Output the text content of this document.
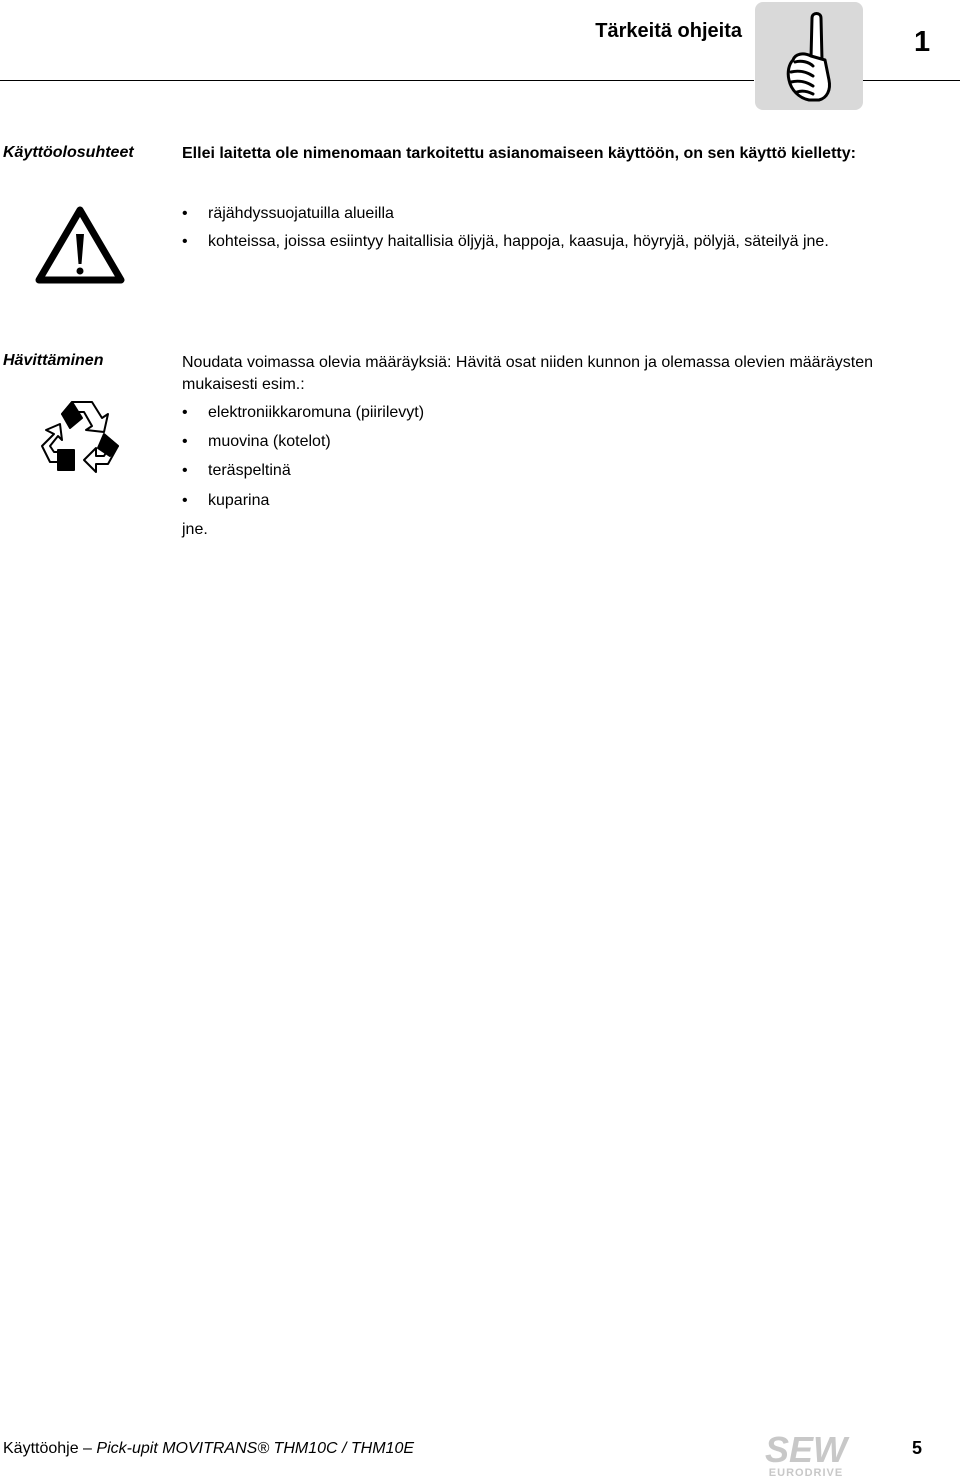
Tärkeitä ohjeita	1
Käyttöolosuhteet	Ellei laitetta ole nimenomaan tarkoitettu asianomaiseen käyttöön, on sen käyttö kielletty:
•	räjähdyssuojatuilla alueilla
•	kohteissa, joissa esiintyy haitallisia öljyjä, happoja, kaasuja, höyryjä, pölyjä, säteilyä jne.
Hävittäminen	Noudata voimassa olevia määräyksiä: Hävitä osat niiden kunnon ja olemassa olevien määräysten mukaisesti esim.:
•	elektroniikkaromuna (piirilevyt)
•	muovina (kotelot)
•	teräspeltinä
•	kuparina
jne.
Käyttöohje – Pick-upit MOVITRANS® THM10C / THM10E	SEW
EURODRIVE
5
